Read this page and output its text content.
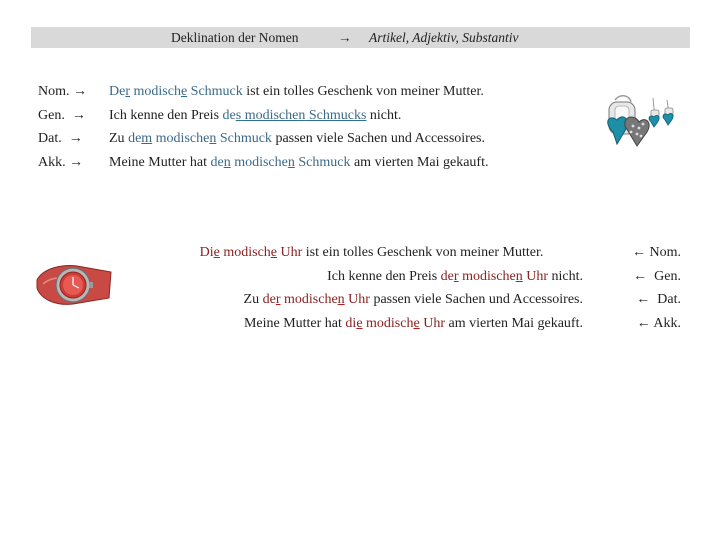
Deklination der Nomen	→ Artikel, Adjektiv, Substantiv
Nom. →
Gen.  →
Dat.  →
Akk. →
Der modische Schmuck ist ein tolles Geschenk von meiner Mutter.
Ich kenne den Preis des modischen Schmucks nicht.
Zu dem modischen Schmuck passen viele Sachen und Accessoires.
Meine Mutter hat den modischen Schmuck am vierten Mai gekauft.
Die modische Uhr ist ein tolles Geschenk von meiner Mutter.
Ich kenne den Preis der modischen Uhr nicht.
Zu der modischen Uhr passen viele Sachen und Accessoires.
Meine Mutter hat die modische Uhr am vierten Mai gekauft.
← Nom.
←  Gen.
←  Dat.
← Akk.
